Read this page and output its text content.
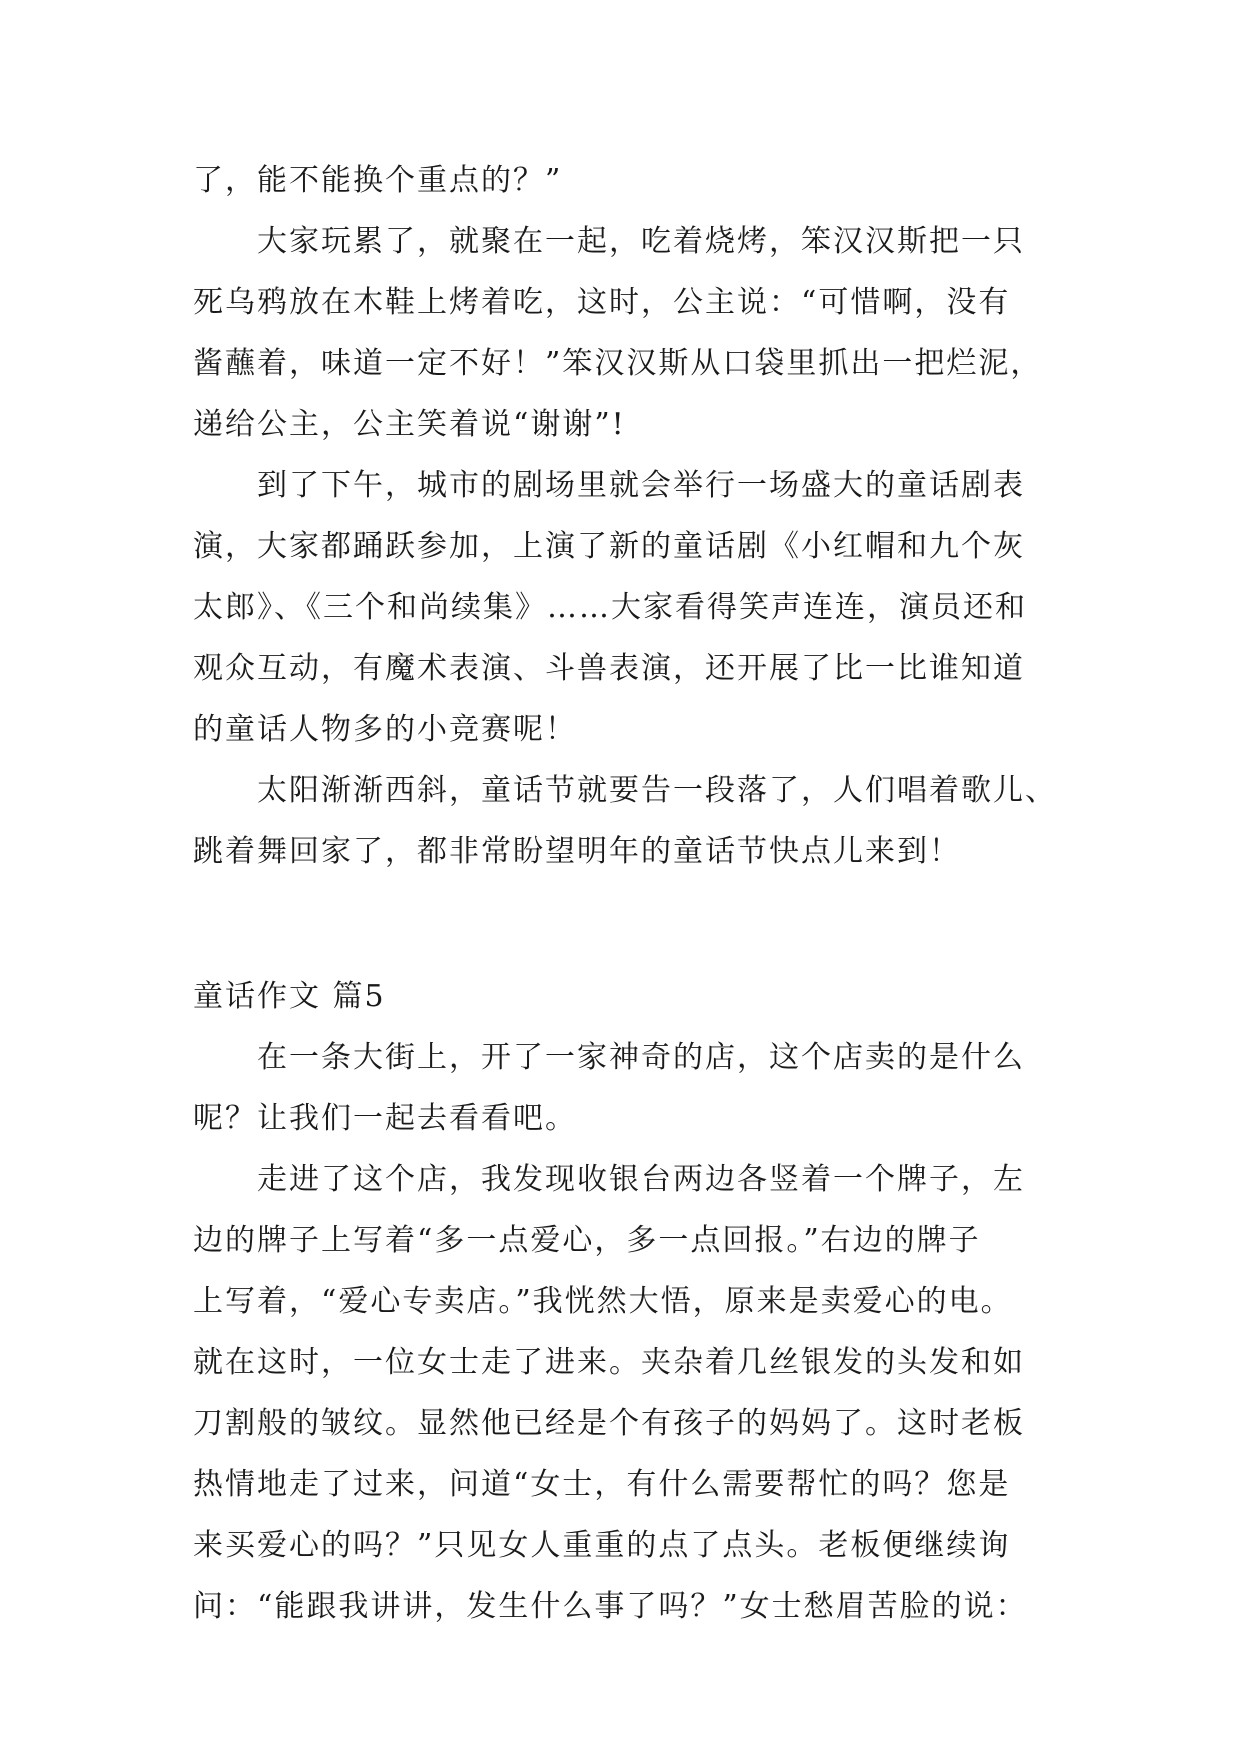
了，能不能换个重点的？”
大家玩累了，就聚在一起，吃着烧烤，笨汉汉斯把一只
死乌鸦放在木鞋上烤着吃，这时，公主说：“可惜啊，没有
酱蘸着，味道一定不好！”笨汉汉斯从口袋里抓出一把烂泥，
递给公主，公主笑着说“谢谢”!
到了下午，城市的剧场里就会举行一场盛大的童话剧表
演，大家都踊跃参加，上演了新的童话剧《小红帽和九个灰
太郎》、《三个和尚续集》……大家看得笑声连连，演员还和
观众互动，有魔术表演、斗兽表演，还开展了比一比谁知道
的童话人物多的小竞赛呢！
太阳渐渐西斜，童话节就要告一段落了，人们唱着歌儿、
跳着舞回家了，都非常盼望明年的童话节快点儿来到！
童话作文 篇5
在一条大街上，开了一家神奇的店，这个店卖的是什么
呢？让我们一起去看看吧。
走进了这个店，我发现收银台两边各竖着一个牌子，左
边的牌子上写着“多一点爱心，多一点回报。”右边的牌子
上写着，“爱心专卖店。”我恍然大悟，原来是卖爱心的电。
就在这时，一位女士走了进来。夹杂着几丝银发的头发和如
刀割般的皱纹。显然他已经是个有孩子的妈妈了。这时老板
热情地走了过来，问道“女士，有什么需要帮忙的吗？您是
来买爱心的吗？”只见女人重重的点了点头。老板便继续询
问：“能跟我讲讲，发生什么事了吗？”女士愁眉苦脸的说：
